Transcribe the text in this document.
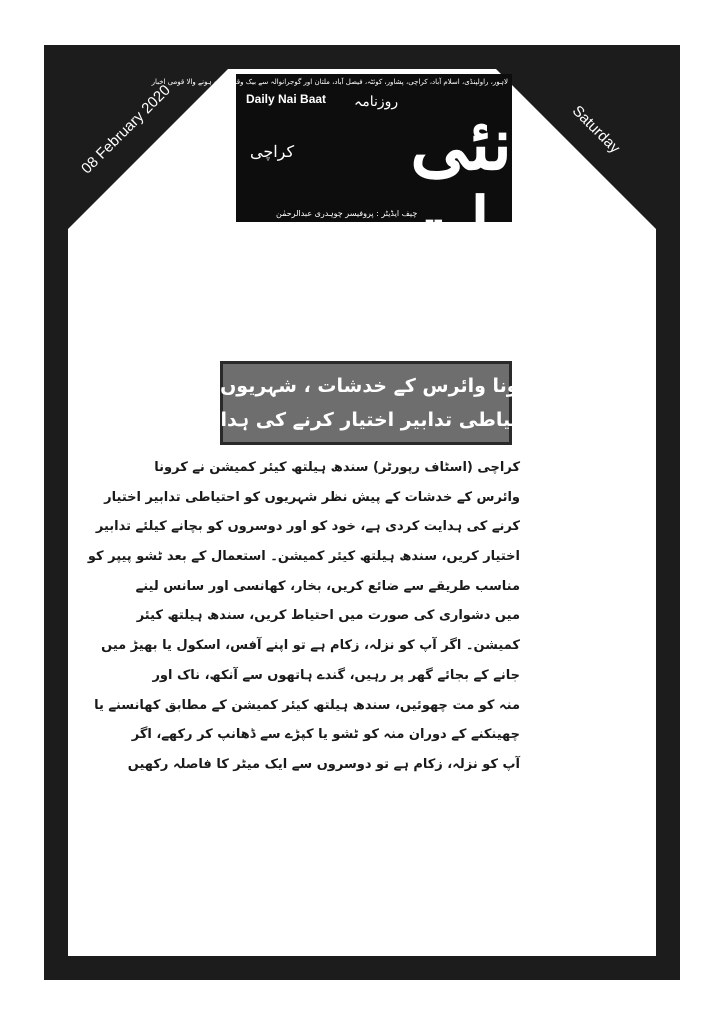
08 February 2020	Saturday
لاہور، راولپنڈی، اسلام آباد، کراچی، پشاور، کوئٹہ، فیصل آباد، ملتان اور گوجرانوالہ سے بیک وقت شائع ہونے والا قومی اخبار
Daily Nai Baat روزنامہ نئی بات
کراچی
چیف ایڈیٹر : پروفیسر چوہدری عبدالرحمٰن
کرونا وائرس کے خدشات ، شہریوں کو
احتیاطی تدابیر اختیار کرنے کی ہدایت
کراچی (اسٹاف رپورٹر) سندھ ہیلتھ کیئر کمیشن نے کرونا
وائرس کے خدشات کے پیش نظر شہریوں کو احتیاطی تدابیر اختیار
کرنے کی ہدایت کردی ہے، خود کو اور دوسروں کو بچانے کیلئے تدابیر
اختیار کریں، سندھ ہیلتھ کیئر کمیشن۔ استعمال کے بعد ٹشو پیپر کو
مناسب طریقے سے ضائع کریں، بخار، کھانسی اور سانس لینے
میں دشواری کی صورت میں احتیاط کریں، سندھ ہیلتھ کیئر
کمیشن۔ اگر آپ کو نزلہ، زکام ہے تو اپنے آفس، اسکول یا بھیڑ میں
جانے کے بجائے گھر پر رہیں، گندے ہاتھوں سے آنکھ، ناک اور
منہ کو مت چھوئیں، سندھ ہیلتھ کیئر کمیشن کے مطابق کھانسنے یا
چھینکنے کے دوران منہ کو ٹشو یا کپڑے سے ڈھانپ کر رکھے، اگر
آپ کو نزلہ، زکام ہے تو دوسروں سے ایک میٹر کا فاصلہ رکھیں
